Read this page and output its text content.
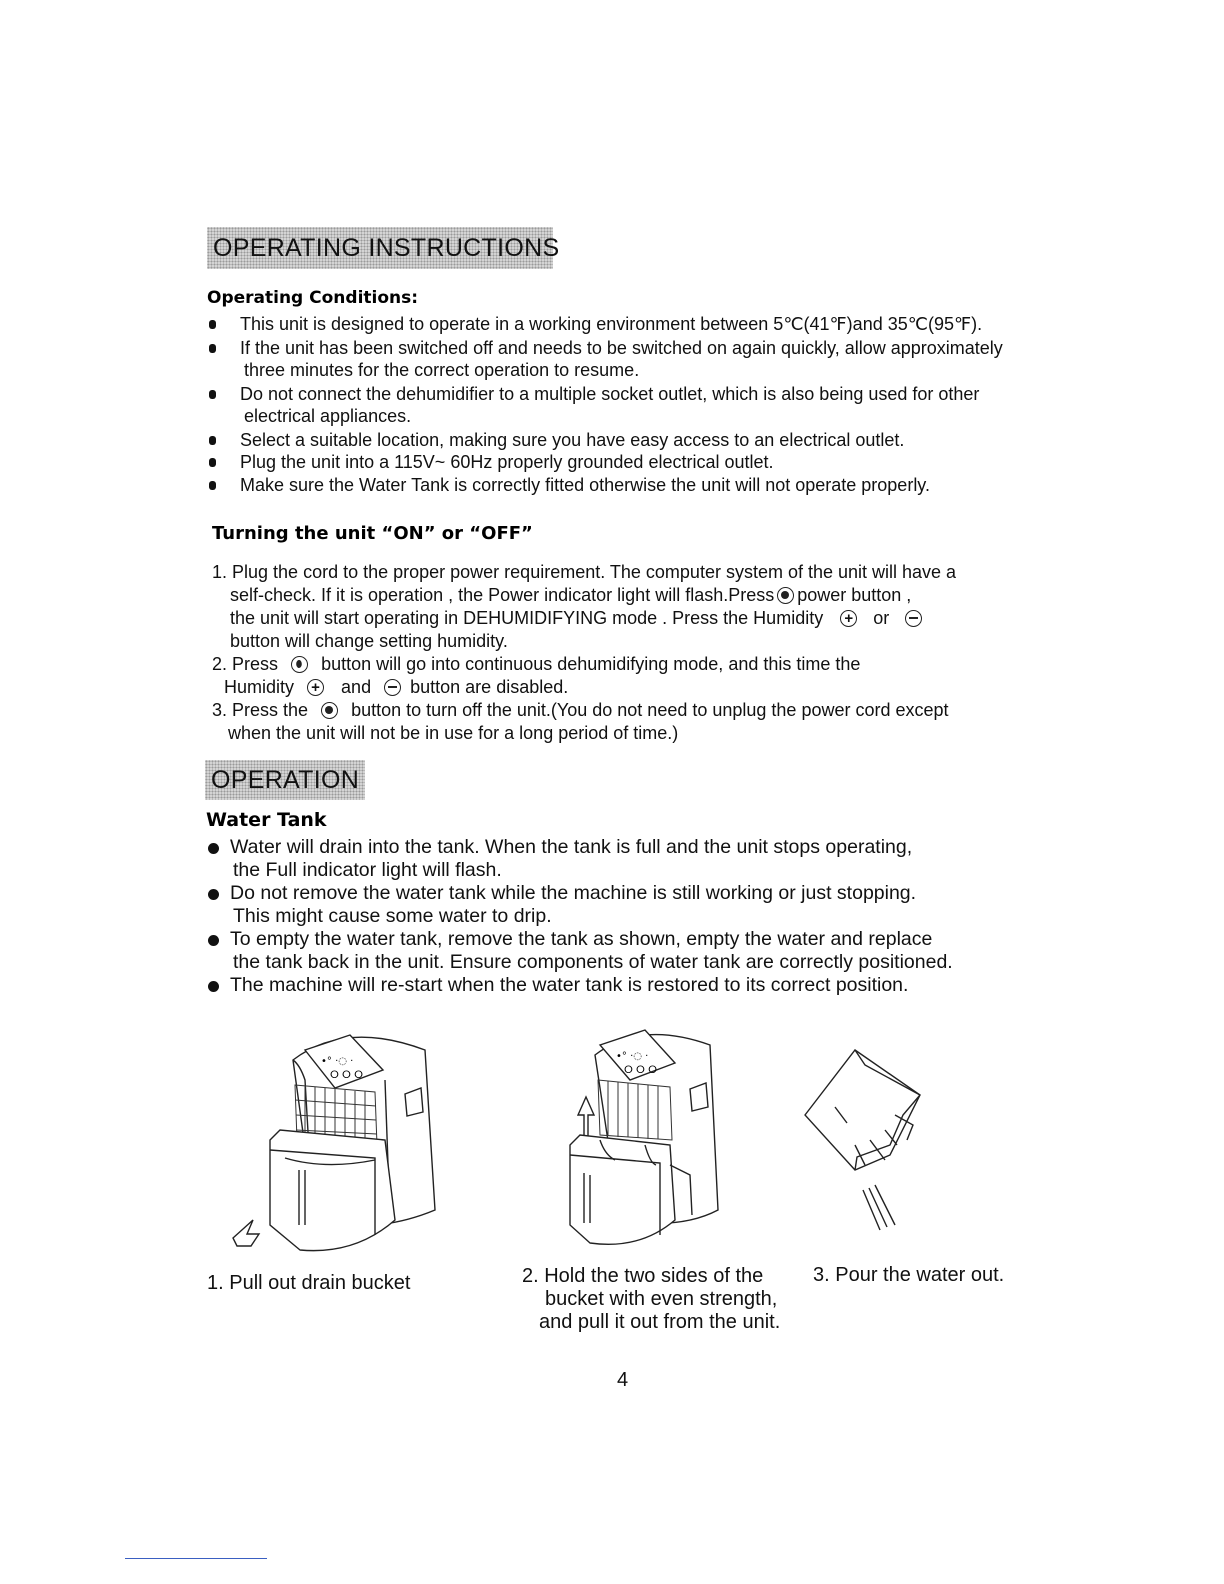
OPERATING INSTRUCTIONS
Operating Conditions:
This unit is designed to operate in a working environment between 5℃(41℉)and 35℃(95℉).
If the unit has been switched off and needs to be switched on again quickly, allow approximately
three minutes for the correct operation to resume.
Do not connect the dehumidifier to a multiple socket outlet, which is also being used for other
electrical appliances.
Select a suitable location, making sure you have easy access to an electrical outlet.
Plug the unit into a 115V~ 60Hz properly grounded electrical outlet.
Make sure the Water Tank is correctly fitted otherwise the unit will not operate properly.
Turning the unit “ON” or “OFF”
1. Plug the cord to the proper power requirement. The computer system of the unit will have a
self-check. If it is operation , the Power indicator light will flash.Press power button ,
the unit will start operating in DEHUMIDIFYING mode . Press the Humidity +	or
button will change setting humidity.
2. Press button will go into continuous dehumidifying mode, and this time the
Humidity +	and button are disabled.
3. Press the button to turn off the unit.(You do not need to unplug the power cord except
when the unit will not be in use for a long period of time.)
OPERATION
Water Tank
Water will drain into the tank. When the tank is full and the unit stops operating,
the Full indicator light will flash.
Do not remove the water tank while the machine is still working or just stopping.
This might cause some water to drip.
To empty the water tank, remove the tank as shown, empty the water and replace
the tank back in the unit. Ensure components of water tank are correctly positioned.
The machine will re-start when the water tank is restored to its correct position.
•° ·◌ ·
ⵔ ⵔ ⵔ
•° ·◌ ·
ⵔ ⵔ ⵔ
1. Pull out drain bucket	2. Hold the two sides of the
bucket with even strength,
and pull it out from the unit.
3. Pour the water out.
4
